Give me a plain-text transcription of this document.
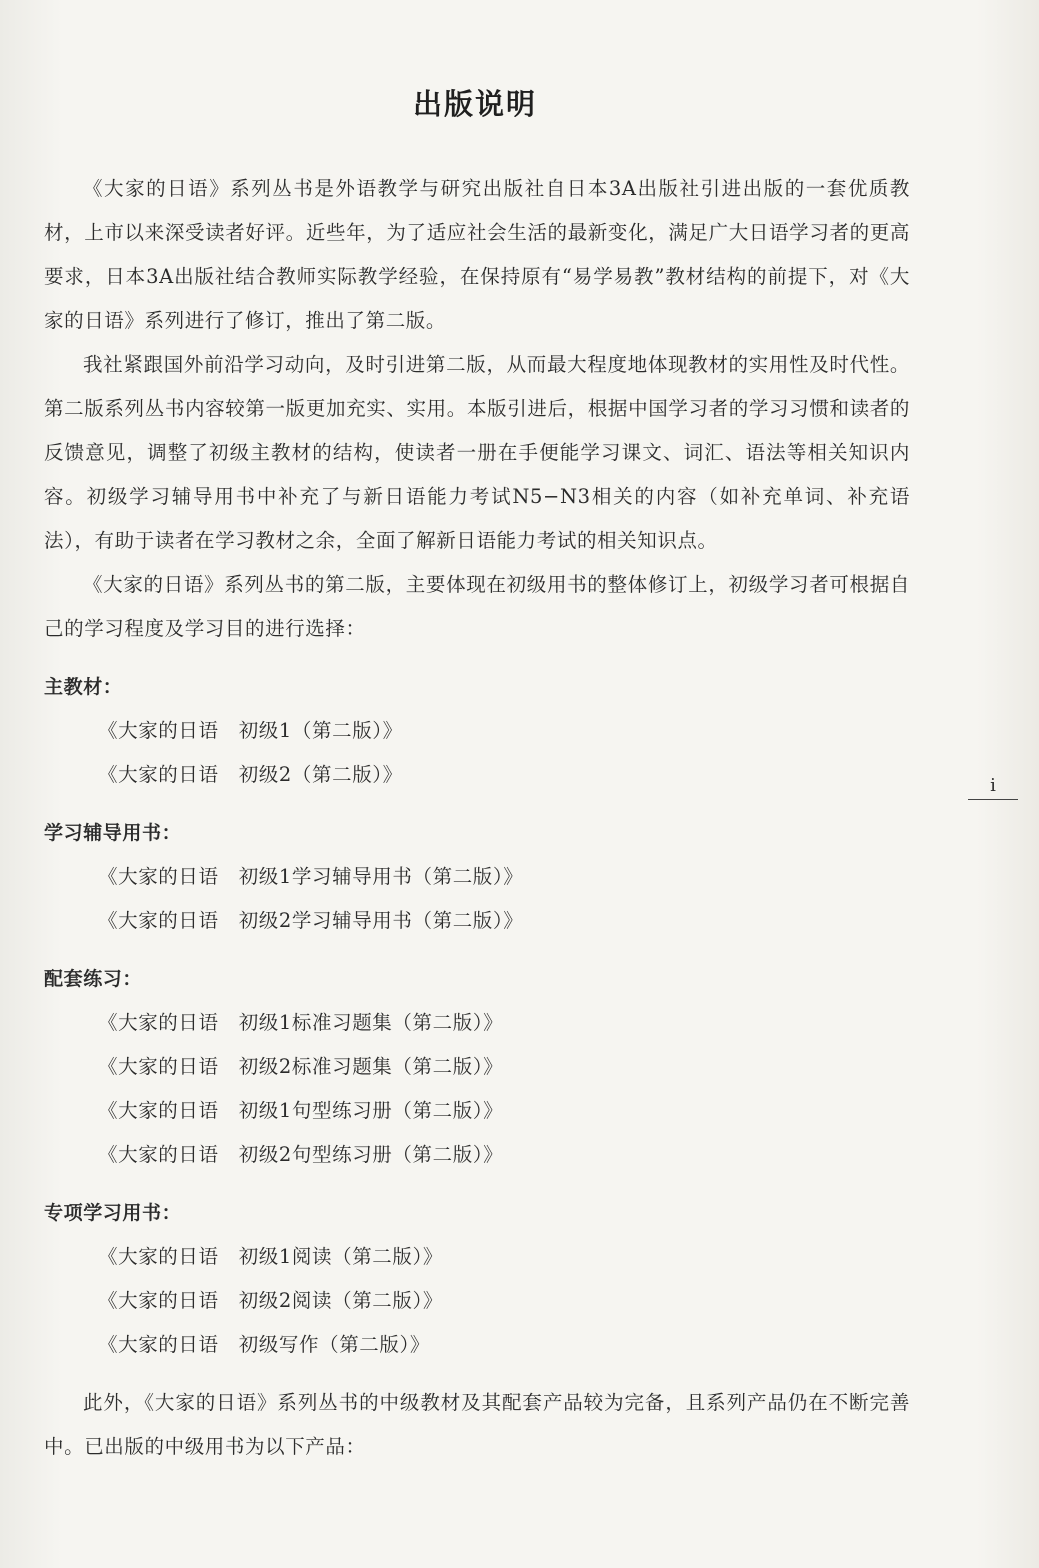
出版说明

《大家的日语》系列丛书是外语教学与研究出版社自日本3A出版社引进出版的一套优质教材，上市以来深受读者好评。近些年，为了适应社会生活的最新变化，满足广大日语学习者的更高要求，日本3A出版社结合教师实际教学经验，在保持原有“易学易教”教材结构的前提下，对《大家的日语》系列进行了修订，推出了第二版。

我社紧跟国外前沿学习动向，及时引进第二版，从而最大程度地体现教材的实用性及时代性。第二版系列丛书内容较第一版更加充实、实用。本版引进后，根据中国学习者的学习习惯和读者的反馈意见，调整了初级主教材的结构，使读者一册在手便能学习课文、词汇、语法等相关知识内容。初级学习辅导用书中补充了与新日语能力考试N5−N3相关的内容（如补充单词、补充语法），有助于读者在学习教材之余，全面了解新日语能力考试的相关知识点。

《大家的日语》系列丛书的第二版，主要体现在初级用书的整体修订上，初级学习者可根据自己的学习程度及学习目的进行选择：

主教材：
《大家的日语　初级1（第二版）》
《大家的日语　初级2（第二版）》
学习辅导用书：
《大家的日语　初级1学习辅导用书（第二版）》
《大家的日语　初级2学习辅导用书（第二版）》
配套练习：
《大家的日语　初级1标准习题集（第二版）》
《大家的日语　初级2标准习题集（第二版）》
《大家的日语　初级1句型练习册（第二版）》
《大家的日语　初级2句型练习册（第二版）》
专项学习用书：
《大家的日语　初级1阅读（第二版）》
《大家的日语　初级2阅读（第二版）》
《大家的日语　初级写作（第二版）》

此外，《大家的日语》系列丛书的中级教材及其配套产品较为完备，且系列产品仍在不断完善中。已出版的中级用书为以下产品：

i
